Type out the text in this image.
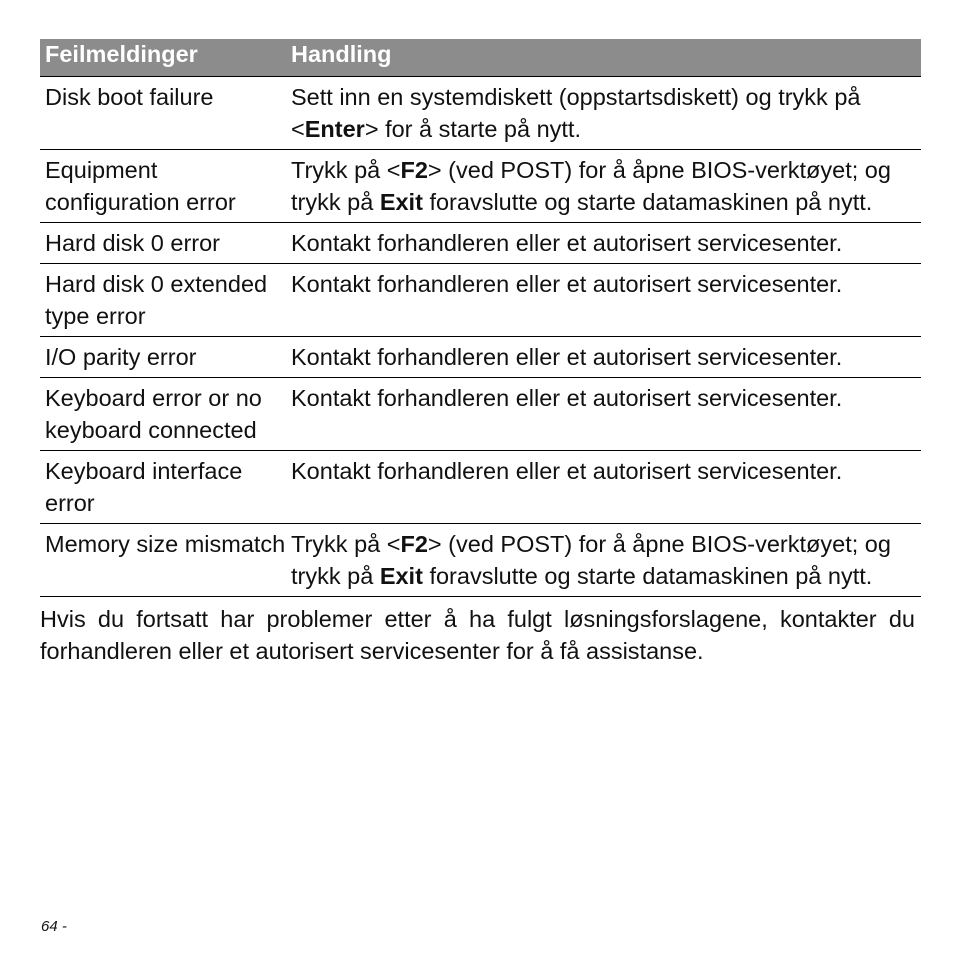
Feilmeldinger	Handling
Disk boot failure	Sett inn en systemdiskett (oppstartsdiskett) og trykk på <Enter> for å starte på nytt.
Equipment configuration error	Trykk på <F2> (ved POST) for å åpne BIOS-verktøyet; og trykk på Exit foravslutte og starte datamaskinen på nytt.
Hard disk 0 error	Kontakt forhandleren eller et autorisert servicesenter.
Hard disk 0 extended type error	Kontakt forhandleren eller et autorisert servicesenter.
I/O parity error	Kontakt forhandleren eller et autorisert servicesenter.
Keyboard error or no keyboard connected	Kontakt forhandleren eller et autorisert servicesenter.
Keyboard interface error	Kontakt forhandleren eller et autorisert servicesenter.
Memory size mismatch	Trykk på <F2> (ved POST) for å åpne BIOS-verktøyet; og trykk på Exit foravslutte og starte datamaskinen på nytt.

Hvis du fortsatt har problemer etter å ha fulgt løsningsforslagene, kontakter du forhandleren eller et autorisert servicesenter for å få assistanse.

64 -
